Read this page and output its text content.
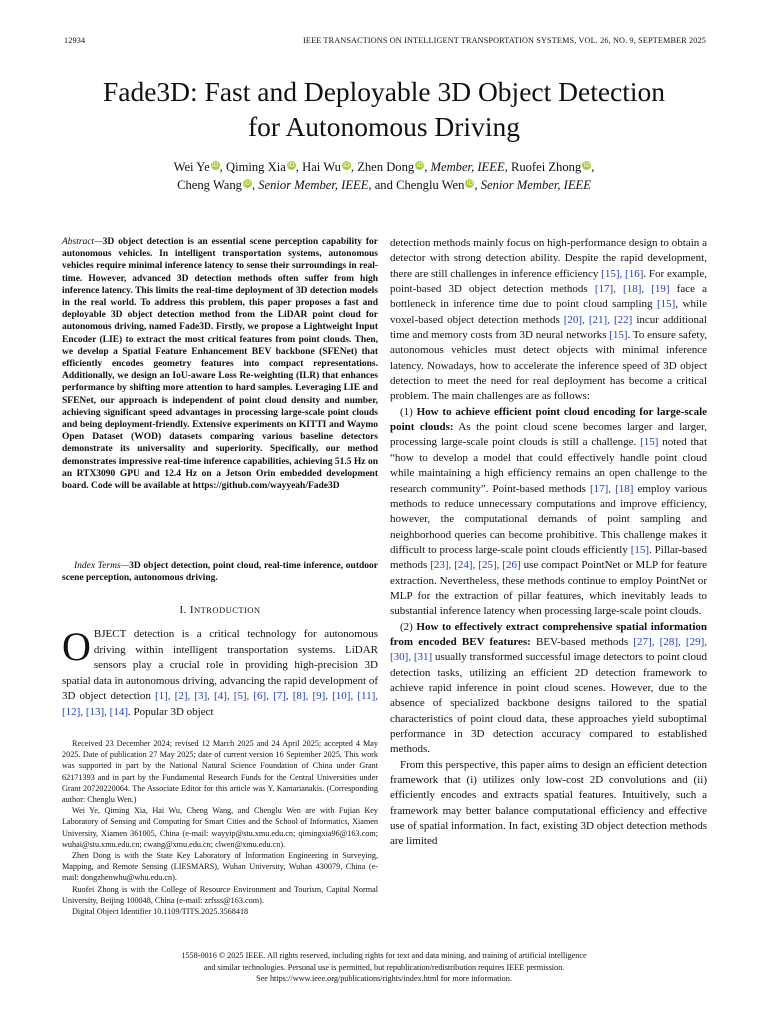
12934	IEEE TRANSACTIONS ON INTELLIGENT TRANSPORTATION SYSTEMS, VOL. 26, NO. 9, SEPTEMBER 2025
Fade3D: Fast and Deployable 3D Object Detection
for Autonomous Driving
Wei Ye iD, Qiming Xia iD, Hai Wu iD, Zhen Dong iD, Member, IEEE, Ruofei Zhong iD,
Cheng Wang iD, Senior Member, IEEE, and Chenglu Wen iD, Senior Member, IEEE
Abstract—3D object detection is an essential scene perception capability for autonomous vehicles. In intelligent transportation systems, autonomous vehicles require minimal inference latency to sense their surroundings in real-time. However, advanced 3D detection methods often suffer from high inference latency. This limits the real-time deployment of 3D detection models in the real world. To address this problem, this paper proposes a fast and deployable 3D object detection method from the LiDAR point cloud for autonomous driving, named Fade3D. Firstly, we propose a Lightweight Input Encoder (LIE) to extract the most critical features from point clouds. Then, we develop a Spatial Feature Enhancement BEV backbone (SFENet) that efficiently encodes geometry features into compact representations. Additionally, we design an IoU-aware Loss Re-weighting (ILR) that enhances performance by shifting more attention to hard samples. Leveraging LIE and SFENet, our approach is independent of point cloud density and number, achieving significant speed advantages in processing large-scale point clouds and being deployment-friendly. Extensive experiments on KITTI and Waymo Open Dataset (WOD) datasets comparing various baseline detectors demonstrate its universality and superiority. Specifically, our method demonstrates impressive real-time inference capabilities, achieving 51.5 Hz on an RTX3090 GPU and 12.4 Hz on a Jetson Orin embedded development board. Code will be available at https://github.com/wayyeah/Fade3D
Index Terms—3D object detection, point cloud, real-time inference, outdoor scene perception, autonomous driving.
I. INTRODUCTION
OBJECT detection is a critical technology for autonomous driving within intelligent transportation systems. LiDAR sensors play a crucial role in providing high-precision 3D spatial data in autonomous driving, advancing the rapid development of 3D object detection [1], [2], [3], [4], [5], [6], [7], [8], [9], [10], [11], [12], [13], [14]. Popular 3D object

Received 23 December 2024; revised 12 March 2025 and 24 April 2025; accepted 4 May 2025. Date of publication 27 May 2025; date of current version 16 September 2025. This work was supported in part by the National Natural Science Foundation of China under Grant 62171393 and in part by the Fundamental Research Funds for the Central Universities under Grant 20720220064. The Associate Editor for this article was Y. Kamarianakis. (Corresponding author: Chenglu Wen.)

Wei Ye, Qiming Xia, Hai Wu, Cheng Wang, and Chenglu Wen are with Fujian Key Laboratory of Sensing and Computing for Smart Cities and the School of Informatics, Xiamen University, Xiamen 361005, China (e-mail: wayyip@stu.xmu.edu.cn; qimingxia96@163.com; wuhai@stu.xmu.edu.cn; cwang@xmu.edu.cn; clwen@xmu.edu.cn).

Zhen Dong is with the State Key Laboratory of Information Engineering in Surveying, Mapping, and Remote Sensing (LIESMARS), Wuhan University, Wuhan 430079, China (e-mail: dongzhenwhu@whu.edu.cn).

Ruofei Zhong is with the College of Resource Environment and Tourism, Capital Normal University, Beijing 100048, China (e-mail: zrfsss@163.com).

Digital Object Identifier 10.1109/TITS.2025.3568418

detection methods mainly focus on high-performance design to obtain a detector with strong detection ability. Despite the rapid development, there are still challenges in inference efficiency [15], [16]. For example, point-based 3D object detection methods [17], [18], [19] face a bottleneck in inference time due to point cloud sampling [15], while voxel-based object detection methods [20], [21], [22] incur additional time and memory costs from 3D neural networks [15]. To ensure safety, autonomous vehicles must detect objects with minimal inference latency. Nowadays, how to accelerate the inference speed of 3D object detection to meet the need for real deployment has become a critical problem. The main challenges are as follows:

(1) How to achieve efficient point cloud encoding for large-scale point clouds: As the point cloud scene becomes larger and larger, processing large-scale point clouds is still a challenge. [15] noted that “how to develop a model that could effectively handle point cloud while maintaining a high efficiency remains an open challenge to the research community”. Point-based methods [17], [18] employ various methods to reduce unnecessary computations and improve efficiency, however, the computational demands of point sampling and neighborhood queries can become prohibitive. This challenge makes it difficult to process large-scale point clouds efficiently [15]. Pillar-based methods [23], [24], [25], [26] use compact PointNet or MLP for feature extraction. Nevertheless, these methods continue to employ PointNet or MLP for the extraction of pillar features, which inevitably leads to substantial inference latency when processing large-scale point clouds.

(2) How to effectively extract comprehensive spatial information from encoded BEV features: BEV-based methods [27], [28], [29], [30], [31] usually transformed successful image detectors to point cloud detection tasks, utilizing an efficient 2D detection framework to achieve rapid inference in point cloud scenes. However, due to the absence of specialized backbone designs tailored to the spatial characteristics of point cloud data, these approaches yield suboptimal performance in 3D detection accuracy compared to established methods.

From this perspective, this paper aims to design an efficient detection framework that (i) utilizes only low-cost 2D convolutions and (ii) efficiently encodes and extracts spatial features. Intuitively, such a framework may better balance computational efficiency and effective use of spatial information. In fact, existing 3D object detection methods are limited

1558-0016 © 2025 IEEE. All rights reserved, including rights for text and data mining, and training of artificial intelligence
and similar technologies. Personal use is permitted, but republication/redistribution requires IEEE permission.
See https://www.ieee.org/publications/rights/index.html for more information.
